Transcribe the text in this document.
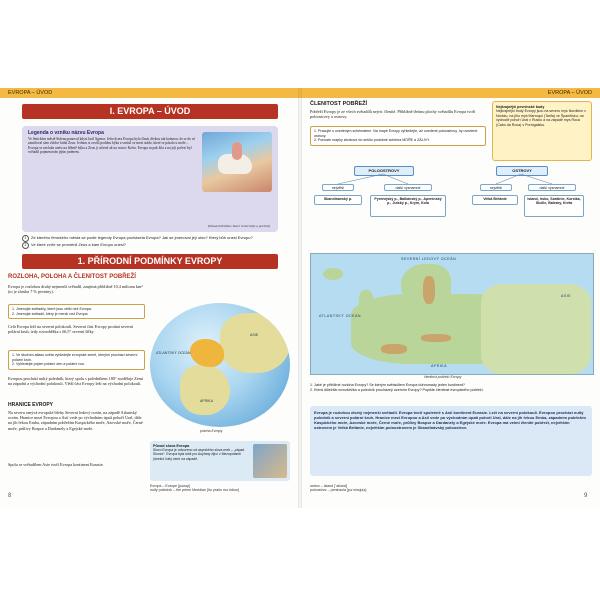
EVROPA – ÚVOD
I. EVROPA – ÚVOD
Legenda o vzniku názvu Evropa
Ve fénickém městě Sidonu panoval kdysi král Agenor. Jeho dcera Evropa byla čímsi dívkou tak krásnou, že se do ní zamiloval sám vládce bohů Zeus. Jednou si zvolil podobu býka a vmísil se mezi stádo, které se pásalo u moře… Evropa se nechala unést na hřbetě býka a Zeus ji odvezl až na ostrov Krétu. Evropa tu pak žila a na její počest byl světadíl pojmenován jejím jménem.
(Eduard Petiška: Staré řecké báje a pověsti)
1 Ze kterého fénického města se podle legendy Evropa pocházela Evropa? Jak se jmenoval její otec? Který bůh unesl Evropu?
2 Ve které zvíře se proměnil Zeus a kam Evropu unesl?
1. PŘÍRODNÍ PODMÍNKY EVROPY
ROZLOHA, POLOHA A ČLENITOST POBŘEŽÍ
Evropa je rozlohou druhý nejmenší světadíl, zaujímá přibližně 10,4 milionu km² (to je zhruba 7 % pevniny).
1. Jmenujte světadíly, které jsou větší než Evropa.
2. Jmenujte světadíl, který je menší než Evropa.
Celá Evropa leží na severní polokouli. Severní část Evropy protíná severní polární kruh, tedy rovnoběžka s 66,5° severní šířky.
1. Ve školním atlasu světa vyhledejte evropské země, kterými prochází severní polární kruh.
2. Vyhledejte pojem polární den a polární noc.
Evropou prochází nultý poledník, který spolu s poledníkem 180° rozděluje Zemi na západní a východní polokouli. Větší část Evropy leží na východní polokouli.
HRANICE EVROPY
Na severu omývá evropské břehy Severní ledový oceán, na západě Atlantský oceán. Hranice mezi Evropou a Asií vede po východním úpatí pohoří Ural, dále na jih řekou Emba, západním pobřežím Kaspického moře, Azovské moře, Černé moře, průlivy Bospor a Dardanely a Egejské moře.
Spolu se světadílem Asie tvoří Evropa kontinent Eurasie.
ATLANTSKÝ OCEÁN
ASIE
AFRIKA
poloha Evropy
Původ slova Evropa
Slovo Evropa je odvozeno od asyrského slova ereb – „západ Slunce“. Evropa byla totiž pro Asyřany žijící v Mezopotámii (dnešní Irák) zemí na západě.
Evropa – Europe [juərəp]
nultý poledník – the prime Meridian [ðə praim məˈridiən]
8
EVROPA – ÚVOD
ČLENITOST POBŘEŽÍ
Pobřeží Evropy je ze všech světadílů nejvíc členité. Přibližně třetinu plochy světadílu Evropa tvoří poloostrovy a ostrovy.
1. Pracujte s uvedeným schématem. Na mapě Evropy vyhledejte, až uvedené poloostrovy, hy uvedené ostrovy.
2. Ponoste mapky zkratové do sešitu podobné schéma MOŘE a ZÁLIVY.
Nejkrajnější pevninské body
Nejkrajnější body Evropy jsou na severu mys Nordkinn v Norsku, na jihu mys Marroquí (Tarifa) ve Španělsku, na východě pohoří Ural v Rusku a na západě mys Roca (Cabo da Roca) v Portugalsku.
POLOOSTROVY	OSTROVY
největší	další významné	největší	další významné
Skandinávský p.	Pyrenejský p., Balkánský p., Apeninský p., Jutský p., Krym, Kola
Velká Británie	Island, Irsko, Sardinie, Korsika, Sicílie, Baleáry, Kréta
SEVERNÍ LEDOVÝ OCEÁN
ATLANTSKÝ OCEÁN
ASIE
AFRIKA
členitost pobřeží Evropy
1. Jaké je přibližné rozloha Evropy? Se kterým světadílem Evropa dohromady jeden kontinent?
2. Která důležitá rovnoběžka a poledník procházejí územím Evropy? Popište členitost evropského pobřeží.
Evropa je rozlohou druhý nejmenší světadíl. Evropa tvoří společně s Asií kontinent Eurasie. Leží na severní polokouli. Evropou prochází nultý poledník a severní polární kruh. Hranice mezi Evropou a Asií vede po východním úpatí pohoří Ural, dále na jih řekou Emba, západním pobřežím Kaspického moře, Azovské moře, Černé moře, průlivy Bospor a Dardanely a Egejské moře. Evropa má velmi členité pobřeží, největším ostrovem je Velká Británie, největším poloostrovem je Skandinávský poloostrov.
ostrov – island [ˈailənd]
poloostrov – peninsula [pəˈninsjulə]
9
